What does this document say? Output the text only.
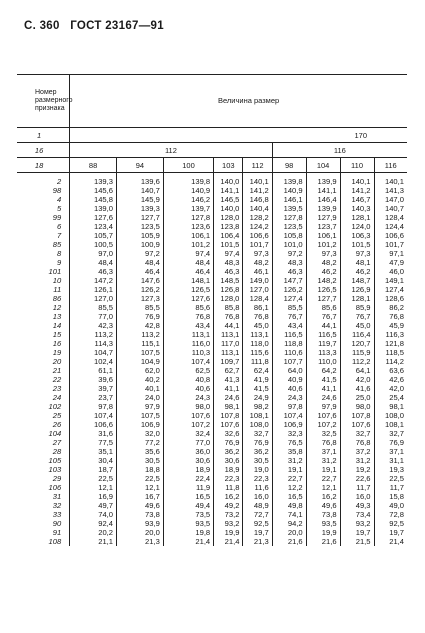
С. 360 ГОСТ 23167—91
Номер размерного признака	Величина размер								
1	170								
16	112					116			
18	88	94	100	103	112	98	104	110	116
2	139,3	139,6	139,8	140,0	140,1	139,8	139,9	140,1	140,1
98	145,6	140,7	140,9	141,1	141,2	140,9	141,1	141,2	141,3
4	145,8	145,9	146,2	146,5	146,8	146,1	146,4	146,7	147,0
5	139,0	139,3	139,7	140,0	140,4	139,5	139,9	140,3	140,7
99	127,6	127,7	127,8	128,0	128,2	127,8	127,9	128,1	128,4
6	123,4	123,5	123,6	123,8	124,2	123,5	123,7	124,0	124,4
7	105,7	105,9	106,1	106,4	106,6	105,8	106,1	106,3	106,6
85	100,5	100,9	101,2	101,5	101,7	101,0	101,2	101,5	101,7
8	97,0	97,2	97,4	97,4	97,3	97,2	97,3	97,3	97,1
9	48,4	48,4	48,4	48,3	48,2	48,3	48,2	48,1	47,9
101	46,3	46,4	46,4	46,3	46,1	46,3	46,2	46,2	46,0
10	147,2	147,6	148,1	148,5	149,0	147,7	148,2	148,7	149,1
11	126,1	126,2	126,5	126,8	127,0	126,2	126,5	126,9	127,4
86	127,0	127,3	127,6	128,0	128,4	127,4	127,7	128,1	128,6
12	85,5	85,5	85,6	85,8	86,1	85,5	85,6	85,9	86,2
13	77,0	76,9	76,8	76,8	76,8	76,7	76,7	76,7	76,8
14	42,3	42,8	43,4	44,1	45,0	43,4	44,1	45,0	45,9
15	113,2	113,2	113,1	113,1	113,1	116,5	116,5	116,4	116,3
16	114,3	115,1	116,0	117,0	118,0	118,8	119,7	120,7	121,8
19	104,7	107,5	110,3	113,1	115,6	110,6	113,3	115,9	118,5
20	102,4	104,9	107,4	109,7	111,8	107,7	110,0	112,2	114,2
21	61,1	62,0	62,5	62,7	62,4	64,0	64,2	64,1	63,6
22	39,6	40,2	40,8	41,3	41,9	40,9	41,5	42,0	42,6
23	39,7	40,1	40,6	41,1	41,5	40,6	41,1	41,6	42,0
24	23,7	24,0	24,3	24,6	24,9	24,3	24,6	25,0	25,4
102	97,8	97,9	98,0	98,1	98,2	97,8	97,9	98,0	98,1
25	107,4	107,5	107,6	107,8	108,1	107,4	107,6	107,8	108,0
26	106,6	106,9	107,2	107,6	108,0	106,9	107,2	107,6	108,1
104	31,6	32,0	32,4	32,6	32,7	32,3	32,5	32,7	32,7
27	77,5	77,2	77,0	76,9	76,9	76,5	76,8	76,8	76,9
28	35,1	35,6	36,0	36,2	36,2	35,8	37,1	37,2	37,1
105	30,4	30,5	30,6	30,6	30,5	31,2	31,2	31,2	31,1
103	18,7	18,8	18,9	18,9	19,0	19,1	19,1	19,2	19,3
29	22,5	22,5	22,4	22,3	22,3	22,7	22,7	22,6	22,5
106	12,1	12,1	11,9	11,8	11,6	12,2	12,1	11,7	11,7
31	16,9	16,7	16,5	16,2	16,0	16,5	16,2	16,0	15,8
32	49,7	49,6	49,4	49,2	48,9	49,8	49,6	49,3	49,0
33	74,0	73,8	73,5	73,2	72,7	74,1	73,8	73,4	72,8
90	92,4	93,9	93,5	93,2	92,5	94,2	93,5	93,2	92,5
91	20,2	20,0	19,8	19,9	19,7	20,0	19,9	19,7	19,7
108	21,1	21,3	21,4	21,4	21,3	21,6	21,6	21,5	21,4
